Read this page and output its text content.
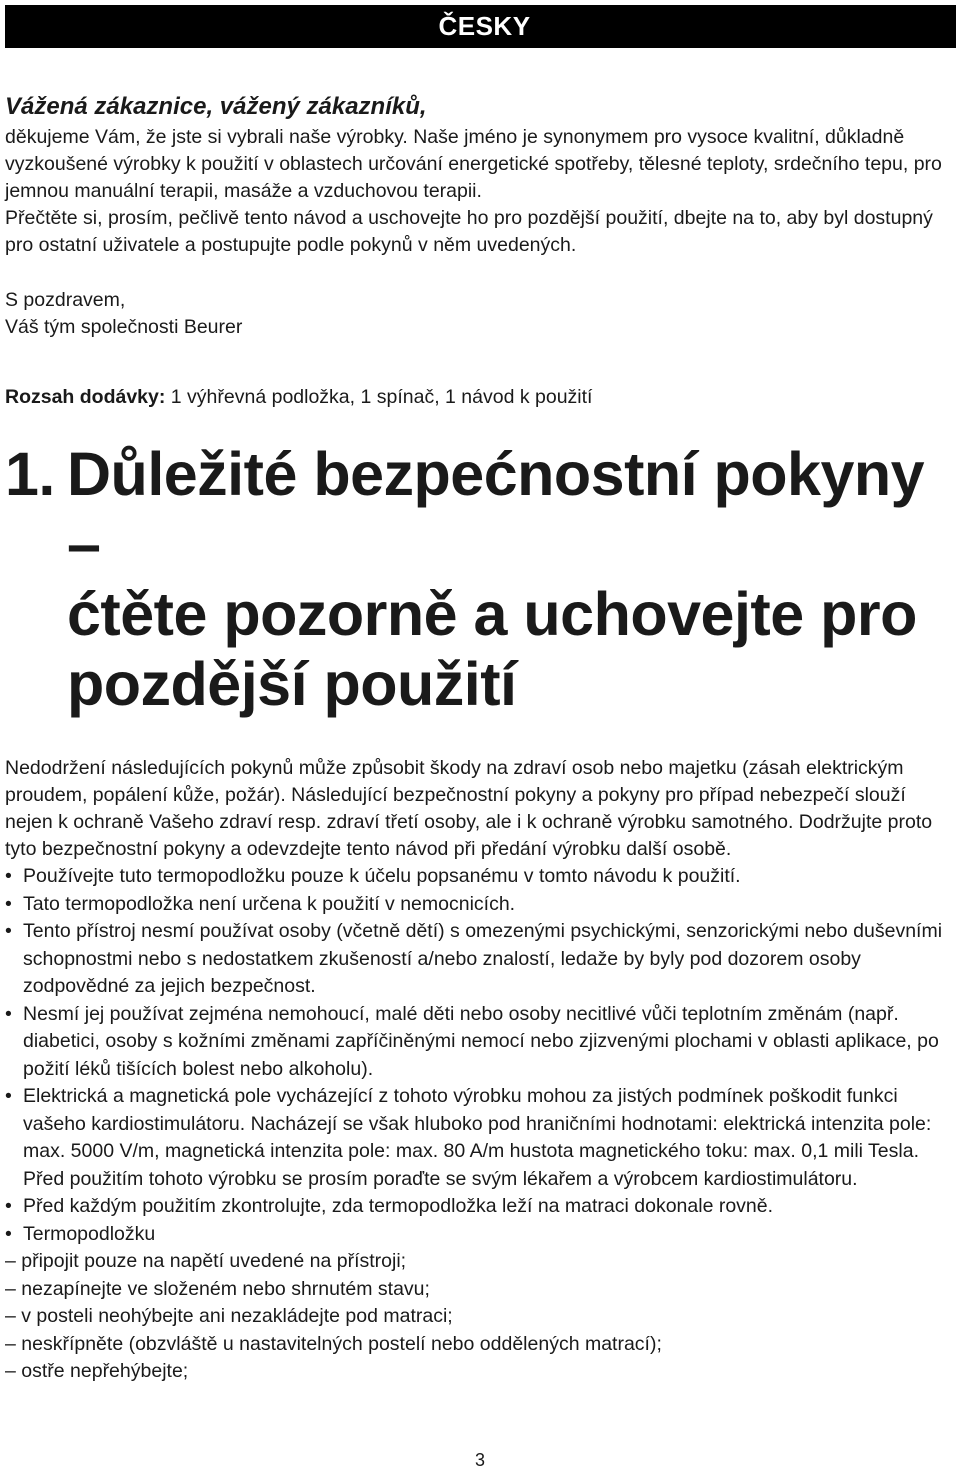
ČESKY

Vážená zákaznice, vážený zákazníků,

děkujeme Vám, že jste si vybrali naše výrobky. Naše jméno je synonymem pro vysoce kvalitní, důkladně vyzkoušené výrobky k použití v oblastech určování energetické spotřeby, tělesné teploty, srdečního tepu, pro jemnou manuální terapii, masáže a vzduchovou terapii.

Přečtěte si, prosím, pečlivě tento návod a uschovejte ho pro pozdější použití, dbejte na to, aby byl dostupný pro ostatní uživatele a postupujte podle pokynů v něm uvedených.

S pozdravem,
Váš tým společnosti Beurer

Rozsah dodávky: 1 výhřevná podložka, 1 spínač, 1 návod k použití

1. Důležité bezpećnostní pokyny –
ćtěte pozorně a uchovejte pro
pozdější použití

Nedodržení následujících pokynů může způsobit škody na zdraví osob nebo majetku (zásah elektrickým proudem, popálení kůže, požár). Následující bezpečnostní pokyny a pokyny pro případ nebezpečí slouží nejen k ochraně Vašeho zdraví resp. zdraví třetí osoby, ale i k ochraně výrobku samotného. Dodržujte proto tyto bezpečnostní pokyny a odevzdejte tento návod při předání výrobku další osobě.

• Používejte tuto termopodložku pouze k účelu popsanému v tomto návodu k použití.
• Tato termopodložka není určena k použití v nemocnicích.
• Tento přístroj nesmí používat osoby (včetně dětí) s omezenými psychickými, senzorickými nebo duševními schopnostmi nebo s nedostatkem zkušeností a/nebo znalostí, ledaže by byly pod dozorem osoby zodpovědné za jejich bezpečnost.
• Nesmí jej používat zejména nemohoucí, malé děti nebo osoby necitlivé vůči teplotním změnám (např. diabetici, osoby s kožními změnami zapříčiněnými nemocí nebo zjizvenými plochami v oblasti aplikace, po požití léků tišících bolest nebo alkoholu).
• Elektrická a magnetická pole vycházející z tohoto výrobku mohou za jistých podmínek poškodit funkci vašeho kardiostimulátoru. Nacházejí se však hluboko pod hraničními hodnotami: elektrická intenzita pole: max. 5000 V/m, magnetická intenzita pole: max. 80 A/m hustota magnetického toku: max. 0,1 mili Tesla. Před použitím tohoto výrobku se prosím poraďte se svým lékařem a výrobcem kardiostimulátoru.
• Před každým použitím zkontrolujte, zda termopodložka leží na matraci dokonale rovně.
• Termopodložku
– připojit pouze na napětí uvedené na přístroji;
– nezapínejte ve složeném nebo shrnutém stavu;
– v posteli neohýbejte ani nezakládejte pod matraci;
– neskřípněte (obzvláště u nastavitelných postelí nebo oddělených matrací);
– ostře nepřehýbejte;
3
